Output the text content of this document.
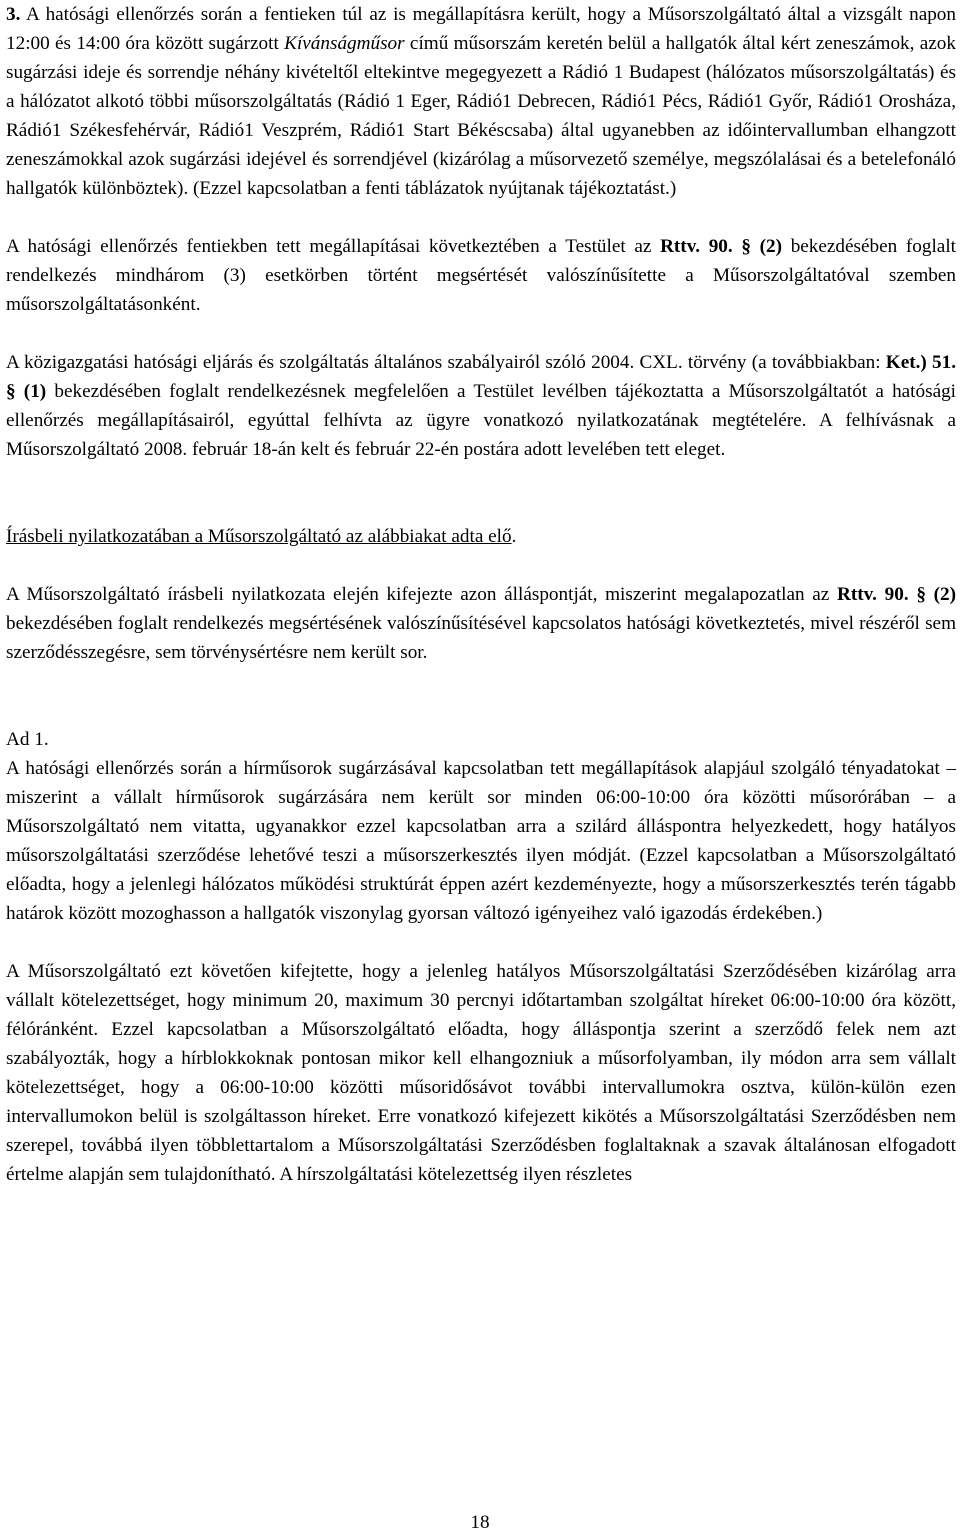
3. A hatósági ellenőrzés során a fentieken túl az is megállapításra került, hogy a Műsorszolgáltató által a vizsgált napon 12:00 és 14:00 óra között sugárzott Kívánságműsor című műsorszám keretén belül a hallgatók által kért zeneszámok, azok sugárzási ideje és sorrendje néhány kivételtől eltekintve megegyezett a Rádió 1 Budapest (hálózatos műsorszolgáltatás) és a hálózatot alkotó többi műsorszolgáltatás (Rádió 1 Eger, Rádió1 Debrecen, Rádió1 Pécs, Rádió1 Győr, Rádió1 Orosháza, Rádió1 Székesfehérvár, Rádió1 Veszprém, Rádió1 Start Békéscsaba) által ugyanebben az időintervallumban elhangzott zeneszámokkal azok sugárzási idejével és sorrendjével (kizárólag a műsorvezető személye, megszólalásai és a betelefonáló hallgatók különböztek). (Ezzel kapcsolatban a fenti táblázatok nyújtanak tájékoztatást.)

A hatósági ellenőrzés fentiekben tett megállapításai következtében a Testület az Rttv. 90. § (2) bekezdésében foglalt rendelkezés mindhárom (3) esetkörben történt megsértését valószínűsítette a Műsorszolgáltatóval szemben műsorszolgáltatásonként.

A közigazgatási hatósági eljárás és szolgáltatás általános szabályairól szóló 2004. CXL. törvény (a továbbiakban: Ket.) 51. § (1) bekezdésében foglalt rendelkezésnek megfelelően a Testület levélben tájékoztatta a Műsorszolgáltatót a hatósági ellenőrzés megállapításairól, egyúttal felhívta az ügyre vonatkozó nyilatkozatának megtételére. A felhívásnak a Műsorszolgáltató 2008. február 18-án kelt és február 22-én postára adott levelében tett eleget.

Írásbeli nyilatkozatában a Műsorszolgáltató az alábbiakat adta elő.

A Műsorszolgáltató írásbeli nyilatkozata elején kifejezte azon álláspontját, miszerint megalapozatlan az Rttv. 90. § (2) bekezdésében foglalt rendelkezés megsértésének valószínűsítésével kapcsolatos hatósági következtetés, mivel részéről sem szerződésszegésre, sem törvénysértésre nem került sor.

Ad 1.

A hatósági ellenőrzés során a hírműsorok sugárzásával kapcsolatban tett megállapítások alapjául szolgáló tényadatokat – miszerint a vállalt hírműsorok sugárzására nem került sor minden 06:00-10:00 óra közötti műsorórában – a Műsorszolgáltató nem vitatta, ugyanakkor ezzel kapcsolatban arra a szilárd álláspontra helyezkedett, hogy hatályos műsorszolgáltatási szerződése lehetővé teszi a műsorszerkesztés ilyen módját. (Ezzel kapcsolatban a Műsorszolgáltató előadta, hogy a jelenlegi hálózatos működési struktúrát éppen azért kezdeményezte, hogy a műsorszerkesztés terén tágabb határok között mozoghasson a hallgatók viszonylag gyorsan változó igényeihez való igazodás érdekében.)

A Műsorszolgáltató ezt követően kifejtette, hogy a jelenleg hatályos Műsorszolgáltatási Szerződésében kizárólag arra vállalt kötelezettséget, hogy minimum 20, maximum 30 percnyi időtartamban szolgáltat híreket 06:00-10:00 óra között, félóránként. Ezzel kapcsolatban a Műsorszolgáltató előadta, hogy álláspontja szerint a szerződő felek nem azt szabályozták, hogy a hírblokkoknak pontosan mikor kell elhangozniuk a műsorfolyamban, ily módon arra sem vállalt kötelezettséget, hogy a 06:00-10:00 közötti műsoridősávot további intervallumokra osztva, külön-külön ezen intervallumokon belül is szolgáltasson híreket. Erre vonatkozó kifejezett kikötés a Műsorszolgáltatási Szerződésben nem szerepel, továbbá ilyen többlettartalom a Műsorszolgáltatási Szerződésben foglaltaknak a szavak általánosan elfogadott értelme alapján sem tulajdonítható. A hírszolgáltatási kötelezettség ilyen részletes

18
